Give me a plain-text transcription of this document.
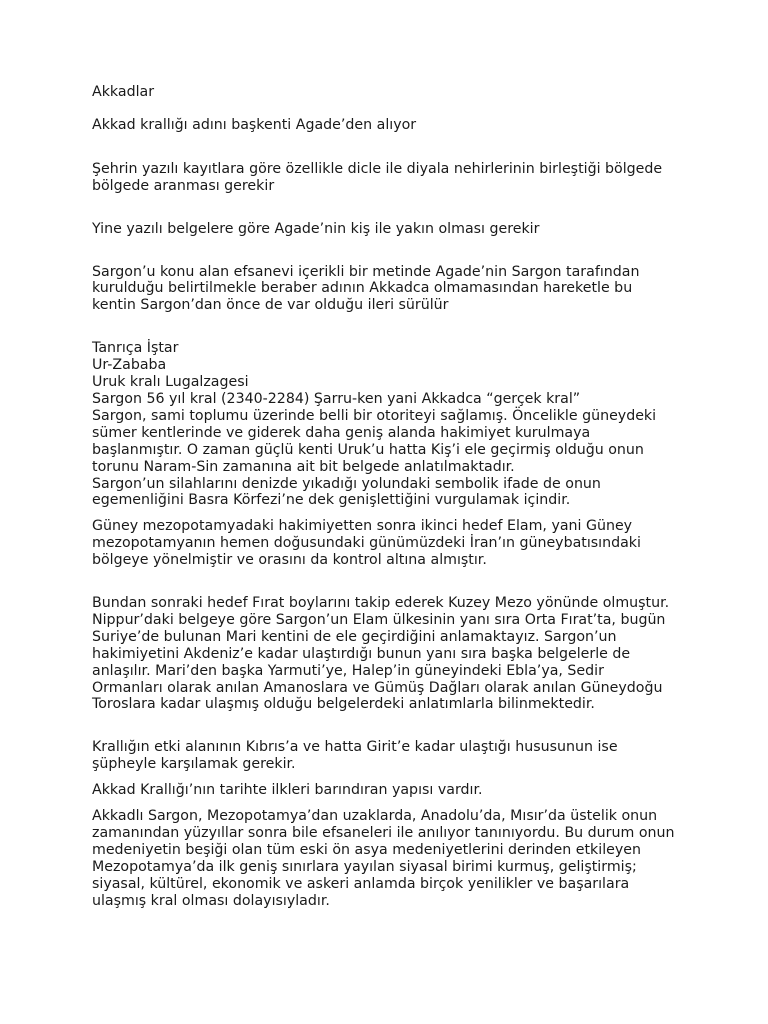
Akkadlar

Akkad krallığı adını başkenti Agade’den alıyor

Şehrin yazılı kayıtlara göre özellikle dicle ile diyala nehirlerinin birleştiği bölgede
bölgede aranması gerekir

Yine yazılı belgelere göre Agade’nin kiş ile yakın olması gerekir

Sargon’u konu alan efsanevi içerikli bir metinde Agade’nin Sargon tarafından
kurulduğu belirtilmekle beraber adının Akkadca olmamasından hareketle bu
kentin Sargon’dan önce de var olduğu ileri sürülür

Tanrıça İştar
Ur-Zababa
Uruk kralı Lugalzagesi
Sargon 56 yıl kral (2340-2284) Şarru-ken yani Akkadca “gerçek kral”
Sargon, sami toplumu üzerinde belli bir otoriteyi sağlamış. Öncelikle güneydeki
sümer kentlerinde ve giderek daha geniş alanda hakimiyet kurulmaya
başlanmıştır. O zaman güçlü kenti Uruk’u hatta Kiş’i ele geçirmiş olduğu onun
torunu Naram-Sin zamanına ait bit belgede anlatılmaktadır.
Sargon’un silahlarını denizde yıkadığı yolundaki sembolik ifade de onun
egemenliğini Basra Körfezi’ne dek genişlettiğini vurgulamak içindir.

Güney mezopotamyadaki hakimiyetten sonra ikinci hedef Elam, yani Güney
mezopotamyanın hemen doğusundaki günümüzdeki İran’ın güneybatısındaki
bölgeye yönelmiştir ve orasını da kontrol altına almıştır.

Bundan sonraki hedef Fırat boylarını takip ederek Kuzey Mezo yönünde olmuştur.
Nippur’daki belgeye göre Sargon’un Elam ülkesinin yanı sıra Orta Fırat’ta, bugün
Suriye’de bulunan Mari kentini de ele geçirdiğini anlamaktayız. Sargon’un
hakimiyetini Akdeniz’e kadar ulaştırdığı bunun yanı sıra başka belgelerle de
anlaşılır. Mari’den başka Yarmuti’ye, Halep’in güneyindeki Ebla’ya, Sedir
Ormanları olarak anılan Amanoslara ve Gümüş Dağları olarak anılan Güneydoğu
Toroslara kadar ulaşmış olduğu belgelerdeki anlatımlarla bilinmektedir.

Krallığın etki alanının Kıbrıs’a ve hatta Girit’e kadar ulaştığı hususunun ise
şüpheyle karşılamak gerekir.

Akkad Krallığı’nın tarihte ilkleri barındıran yapısı vardır.

Akkadlı Sargon, Mezopotamya’dan uzaklarda, Anadolu’da, Mısır’da üstelik onun
zamanından yüzyıllar sonra bile efsaneleri ile anılıyor tanınıyordu. Bu durum onun
medeniyetin beşiği olan tüm eski ön asya medeniyetlerini derinden etkileyen
Mezopotamya’da ilk geniş sınırlara yayılan siyasal birimi kurmuş, geliştirmiş;
siyasal, kültürel, ekonomik ve askeri anlamda birçok yenilikler ve başarılara
ulaşmış kral olması dolayısıyladır.
